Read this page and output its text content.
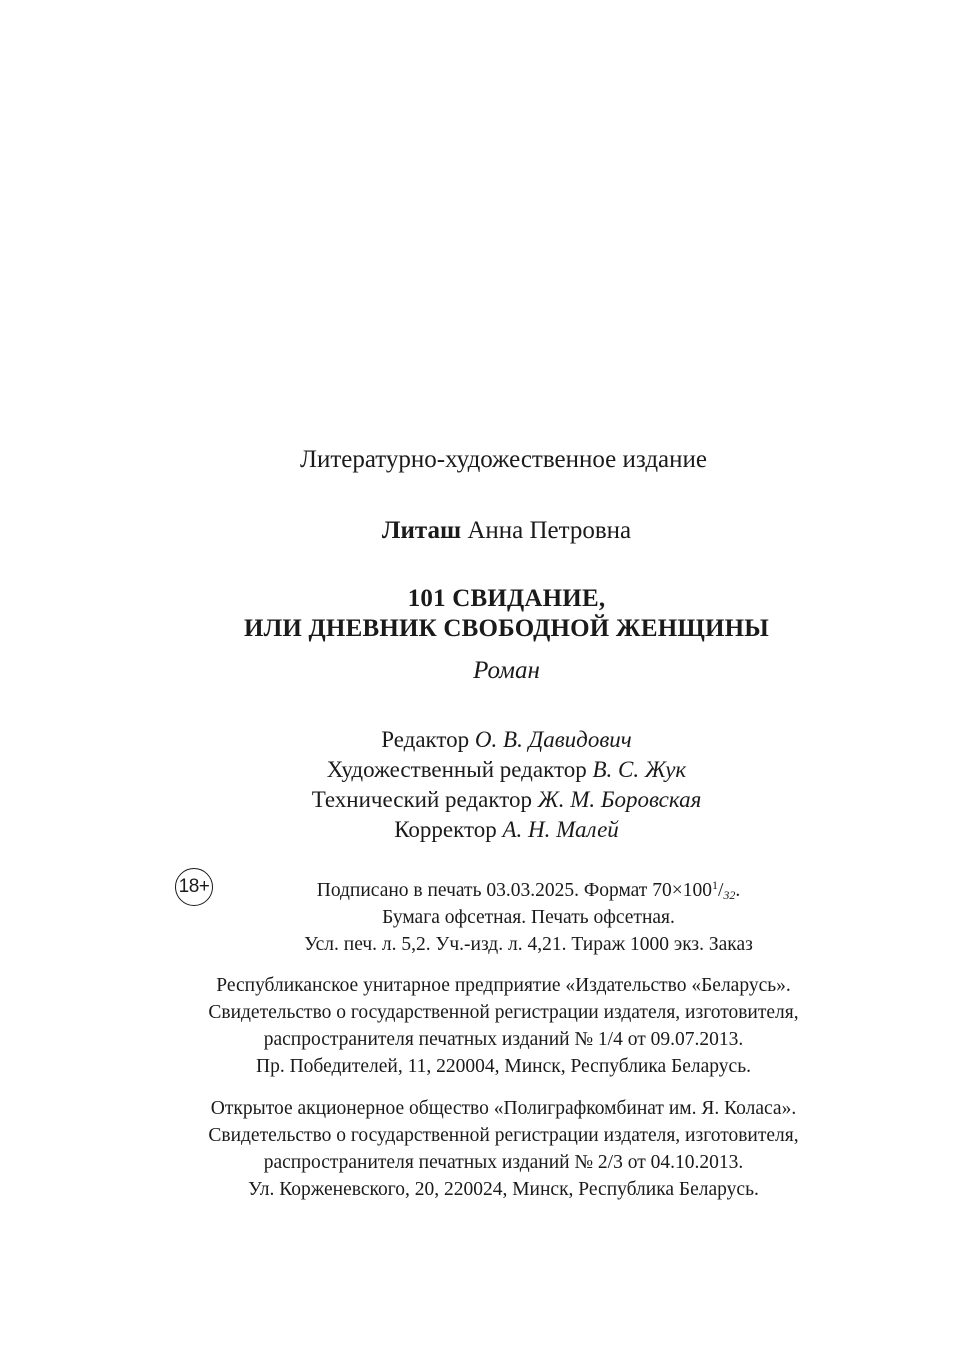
Литературно-художественное издание
Литаш Анна Петровна
101 СВИДАНИЕ,
ИЛИ ДНЕВНИК СВОБОДНОЙ ЖЕНЩИНЫ
Роман
Редактор О. В. Давидович
Художественный редактор В. С. Жук
Технический редактор Ж. М. Боровская
Корректор А. Н. Малей
18+	Подписано в печать 03.03.2025. Формат $70\times 100^1/_{32}$.
Бумага офсетная. Печать офсетная.
Усл. печ. л. 5,2. Уч.-изд. л. 4,21. Тираж 1000 экз. Заказ
Республиканское унитарное предприятие «Издательство «Беларусь».
Свидетельство о государственной регистрации издателя, изготовителя,
распространителя печатных изданий № 1/4 от 09.07.2013.
Пр. Победителей, 11, 220004, Минск, Республика Беларусь.
Открытое акционерное общество «Полиграфкомбинат им. Я. Коласа».
Свидетельство о государственной регистрации издателя, изготовителя,
распространителя печатных изданий № 2/3 от 04.10.2013.
Ул. Корженевского, 20, 220024, Минск, Республика Беларусь.
